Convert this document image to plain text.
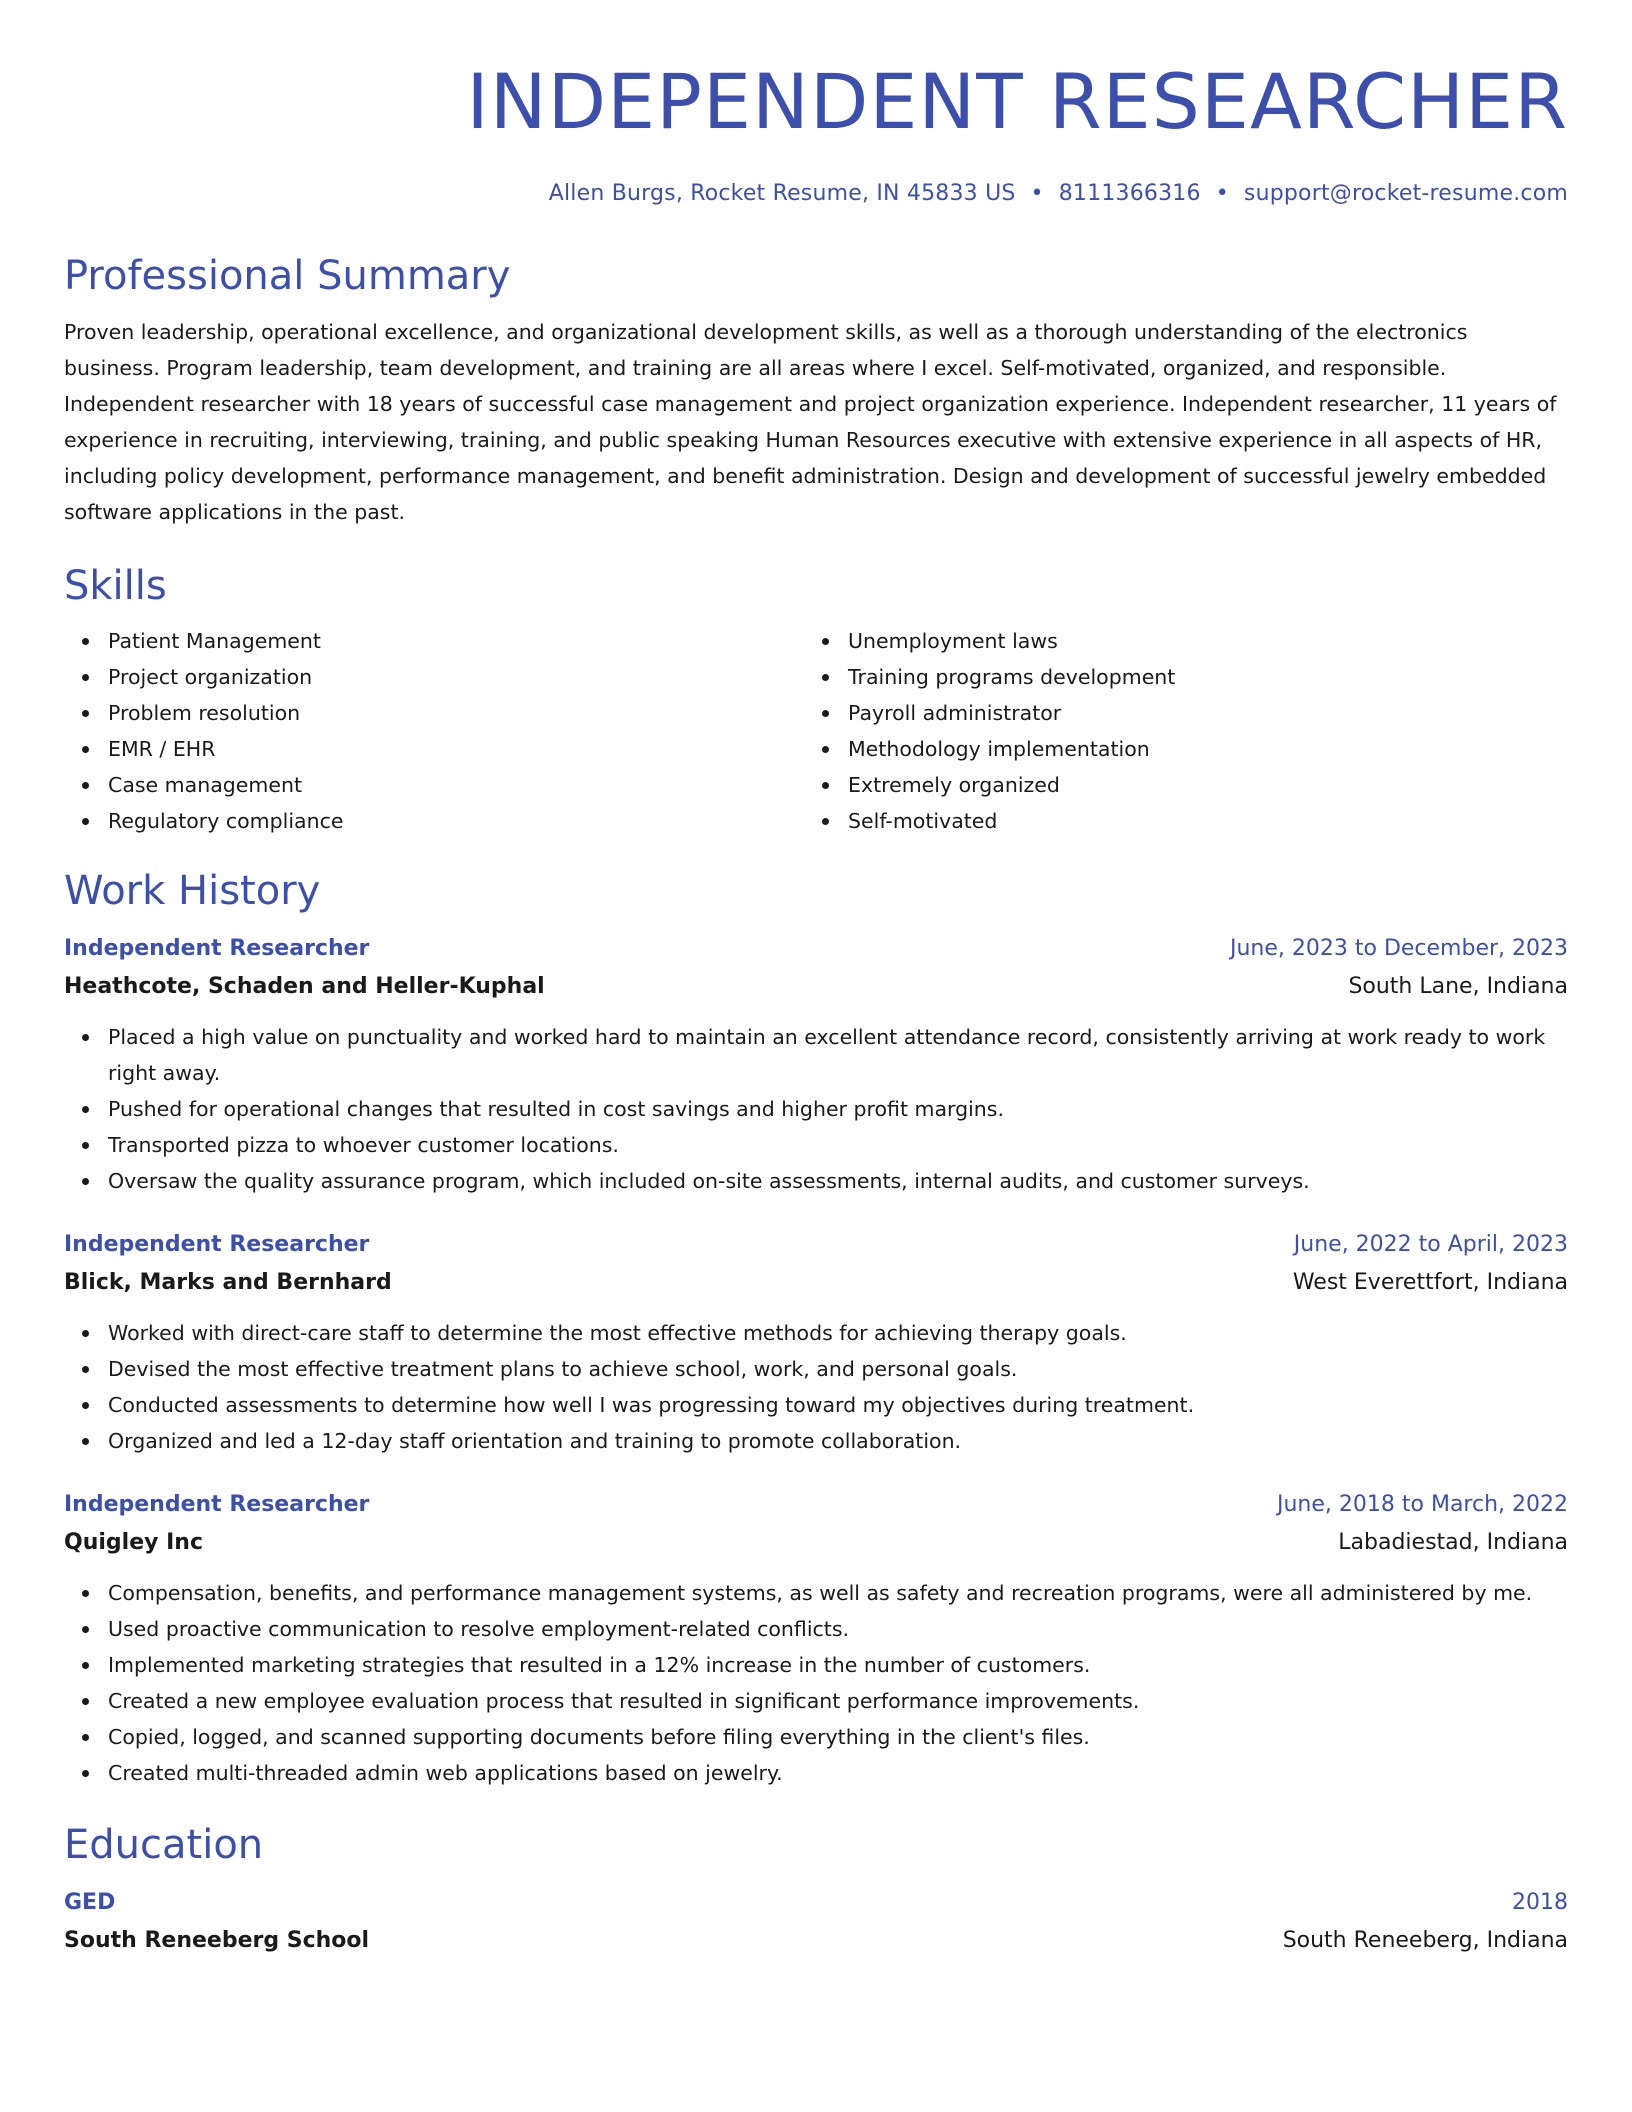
INDEPENDENT RESEARCHER
Allen Burgs, Rocket Resume, IN 45833 US • 8111366316 • support@rocket-resume.com
Professional Summary

Proven leadership, operational excellence, and organizational development skills, as well as a thorough understanding of the electronics business. Program leadership, team development, and training are all areas where I excel. Self-motivated, organized, and responsible. Independent researcher with 18 years of successful case management and project organization experience. Independent researcher, 11 years of experience in recruiting, interviewing, training, and public speaking Human Resources executive with extensive experience in all aspects of HR, including policy development, performance management, and benefit administration. Design and development of successful jewelry embedded software applications in the past.

Skills
Patient Management
Project organization
Problem resolution
EMR / EHR
Case management
Regulatory compliance
Unemployment laws
Training programs development
Payroll administrator
Methodology implementation
Extremely organized
Self-motivated
Work History
Independent Researcher	June, 2023 to December, 2023
Heathcote, Schaden and Heller-Kuphal	South Lane, Indiana
Placed a high value on punctuality and worked hard to maintain an excellent attendance record, consistently arriving at work ready to work right away.
Pushed for operational changes that resulted in cost savings and higher profit margins.
Transported pizza to whoever customer locations.
Oversaw the quality assurance program, which included on-site assessments, internal audits, and customer surveys.
Independent Researcher	June, 2022 to April, 2023
Blick, Marks and Bernhard	West Everettfort, Indiana
Worked with direct-care staff to determine the most effective methods for achieving therapy goals.
Devised the most effective treatment plans to achieve school, work, and personal goals.
Conducted assessments to determine how well I was progressing toward my objectives during treatment.
Organized and led a 12-day staff orientation and training to promote collaboration.
Independent Researcher	June, 2018 to March, 2022
Quigley Inc	Labadiestad, Indiana
Compensation, benefits, and performance management systems, as well as safety and recreation programs, were all administered by me.
Used proactive communication to resolve employment-related conflicts.
Implemented marketing strategies that resulted in a 12% increase in the number of customers.
Created a new employee evaluation process that resulted in significant performance improvements.
Copied, logged, and scanned supporting documents before filing everything in the client's files.
Created multi-threaded admin web applications based on jewelry.
Education
GED	2018
South Reneeberg School	South Reneeberg, Indiana
